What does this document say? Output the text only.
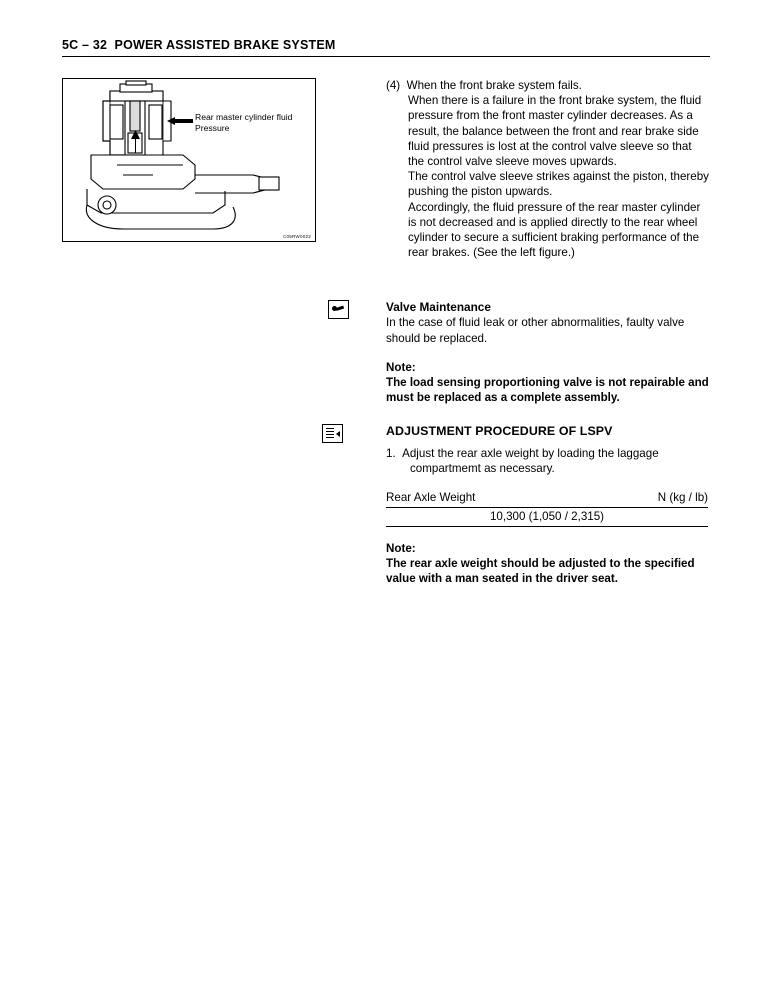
5C – 32 POWER ASSISTED BRAKE SYSTEM
Rear master cylinder fluid Pressure
C05RW0022
(4) When the front brake system fails.
When there is a failure in the front brake system, the fluid pressure from the front master cylinder decreases. As a result, the balance between the front and rear brake side fluid pressures is lost at the control valve sleeve so that the control valve sleeve moves upwards.
The control valve sleeve strikes against the piston, thereby pushing the piston upwards.
Accordingly, the fluid pressure of the rear master cylinder is not decreased and is applied directly to the rear wheel cylinder to secure a sufficient braking performance of the rear brakes. (See the left figure.)
Valve Maintenance
In the case of fluid leak or other abnormalities, faulty valve should be replaced.
Note:
The load sensing proportioning valve is not repairable and must be replaced as a complete assembly.
ADJUSTMENT PROCEDURE OF LSPV
1. Adjust the rear axle weight by loading the laggage compartmemt as necessary.
Rear Axle Weight	N (kg / lb)
10,300 (1,050 / 2,315)
Note:
The rear axle weight should be adjusted to the specified value with a man seated in the driver seat.
